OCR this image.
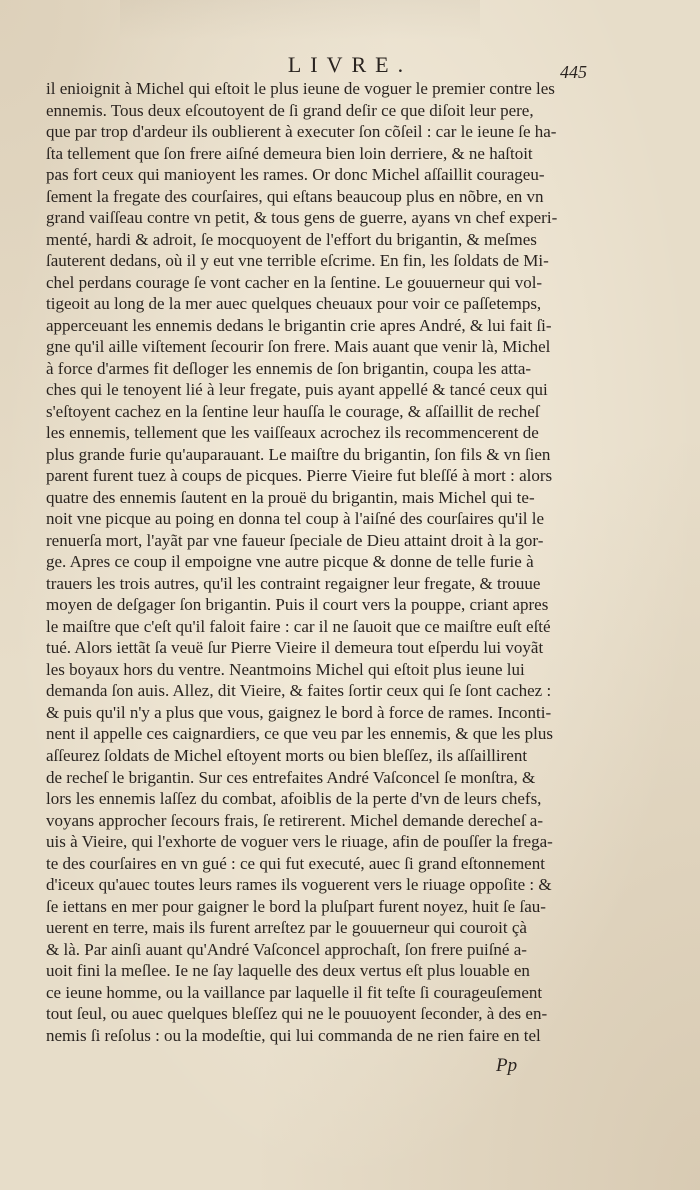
LIVRE.	445
il enioignit à Michel qui eſtoit le plus ieune de voguer le premier contre les
ennemis. Tous deux eſcoutoyent de ſi grand deſir ce que diſoit leur pere,
que par trop d'ardeur ils oublierent à executer ſon cõſeil : car le ieune ſe ha-
ſta tellement que ſon frere aiſné demeura bien loin derriere, & ne haſtoit
pas fort ceux qui manioyent les rames. Or donc Michel aſſaillit courageu-
ſement la fregate des courſaires, qui eſtans beaucoup plus en nõbre, en vn
grand vaiſſeau contre vn petit, & tous gens de guerre, ayans vn chef experi-
menté, hardi & adroit, ſe mocquoyent de l'effort du brigantin, & meſmes
ſauterent dedans, où il y eut vne terrible eſcrime. En fin, les ſoldats de Mi-
chel perdans courage ſe vont cacher en la ſentine. Le gouuerneur qui vol-
tigeoit au long de la mer auec quelques cheuaux pour voir ce paſſetemps,
apperceuant les ennemis dedans le brigantin crie apres André, & lui fait ſi-
gne qu'il aille viſtement ſecourir ſon frere. Mais auant que venir là, Michel
à force d'armes fit deſloger les ennemis de ſon brigantin, coupa les atta-
ches qui le tenoyent lié à leur fregate, puis ayant appellé & tancé ceux qui
s'eſtoyent cachez en la ſentine leur hauſſa le courage, & aſſaillit de recheſ
les ennemis, tellement que les vaiſſeaux acrochez ils recommencerent de
plus grande furie qu'auparauant. Le maiſtre du brigantin, ſon fils & vn ſien
parent furent tuez à coups de picques. Pierre Vieire fut bleſſé à mort : alors
quatre des ennemis ſautent en la prouë du brigantin, mais Michel qui te-
noit vne picque au poing en donna tel coup à l'aiſné des courſaires qu'il le
renuerſa mort, l'ayãt par vne faueur ſpeciale de Dieu attaint droit à la gor-
ge. Apres ce coup il empoigne vne autre picque & donne de telle furie à
trauers les trois autres, qu'il les contraint regaigner leur fregate, & trouue
moyen de deſgager ſon brigantin. Puis il court vers la pouppe, criant apres
le maiſtre que c'eſt qu'il faloit faire : car il ne ſauoit que ce maiſtre euſt eſté
tué. Alors iettãt ſa veuë ſur Pierre Vieire il demeura tout eſperdu lui voyãt
les boyaux hors du ventre. Neantmoins Michel qui eſtoit plus ieune lui
demanda ſon auis. Allez, dit Vieire, & faites ſortir ceux qui ſe ſont cachez :
& puis qu'il n'y a plus que vous, gaignez le bord à force de rames. Inconti-
nent il appelle ces caignardiers, ce que veu par les ennemis, & que les plus
aſſeurez ſoldats de Michel eſtoyent morts ou bien bleſſez, ils aſſaillirent
de recheſ le brigantin. Sur ces entrefaites André Vaſconcel ſe monſtra, &
lors les ennemis laſſez du combat, afoiblis de la perte d'vn de leurs chefs,
voyans approcher ſecours frais, ſe retirerent. Michel demande derecheſ a-
uis à Vieire, qui l'exhorte de voguer vers le riuage, afin de pouſſer la frega-
te des courſaires en vn gué : ce qui fut executé, auec ſi grand eſtonnement
d'iceux qu'auec toutes leurs rames ils voguerent vers le riuage oppoſite : &
ſe iettans en mer pour gaigner le bord la pluſpart furent noyez, huit ſe ſau-
uerent en terre, mais ils furent arreſtez par le gouuerneur qui couroit çà
& là. Par ainſi auant qu'André Vaſconcel approchaſt, ſon frere puiſné a-
uoit fini la meſlee. Ie ne ſay laquelle des deux vertus eſt plus louable en
ce ieune homme, ou la vaillance par laquelle il fit teſte ſi courageuſement
tout ſeul, ou auec quelques bleſſez qui ne le pouuoyent ſeconder, à des en-
nemis ſi reſolus : ou la modeſtie, qui lui commanda de ne rien faire en tel
Pp
